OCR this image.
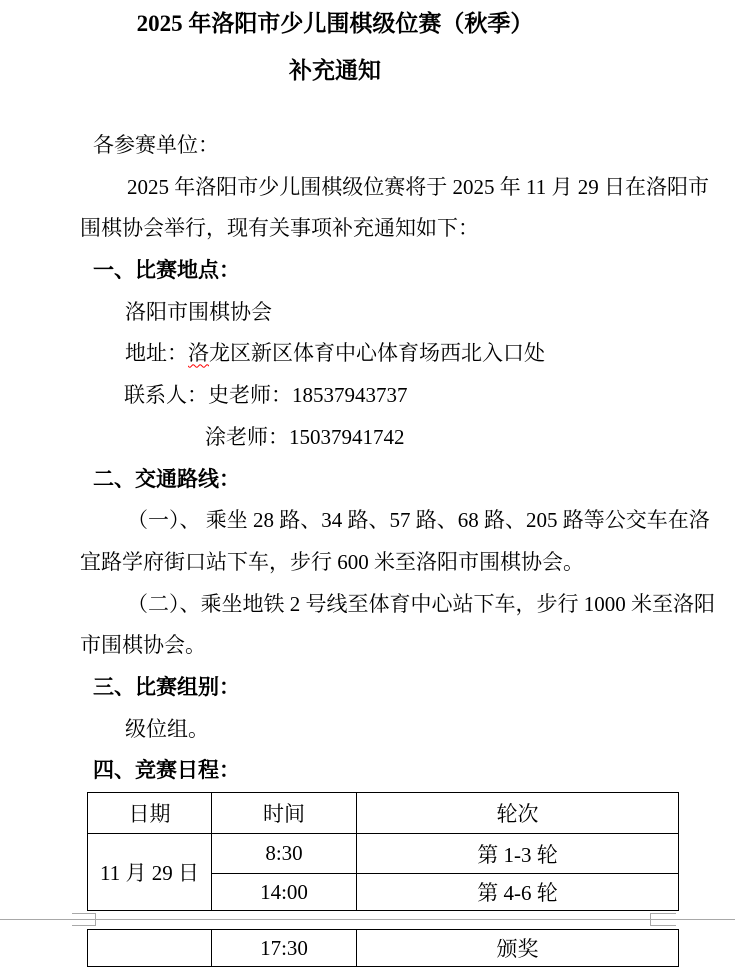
2025 年洛阳市少儿围棋级位赛（秋季）
补充通知
各参赛单位：
2025 年洛阳市少儿围棋级位赛将于 2025 年 11 月 29 日在洛阳市
围棋协会举行，现有关事项补充通知如下：
一、比赛地点：
洛阳市围棋协会
地址：洛龙区新区体育中心体育场西北入口处
联系人：史老师：18537943737
涂老师：15037941742
二、交通路线：
（一）、 乘坐 28 路、34 路、57 路、68 路、205 路等公交车在洛
宜路学府街口站下车，步行 600 米至洛阳市围棋协会。
（二）、乘坐地铁 2 号线至体育中心站下车，步行 1000 米至洛阳
市围棋协会。
三、比赛组别：
级位组。
四、竞赛日程：
日期	时间	轮次
11 月 29 日	8:30	第 1-3 轮
	14:00	第 4-6 轮
	17:30	颁奖
